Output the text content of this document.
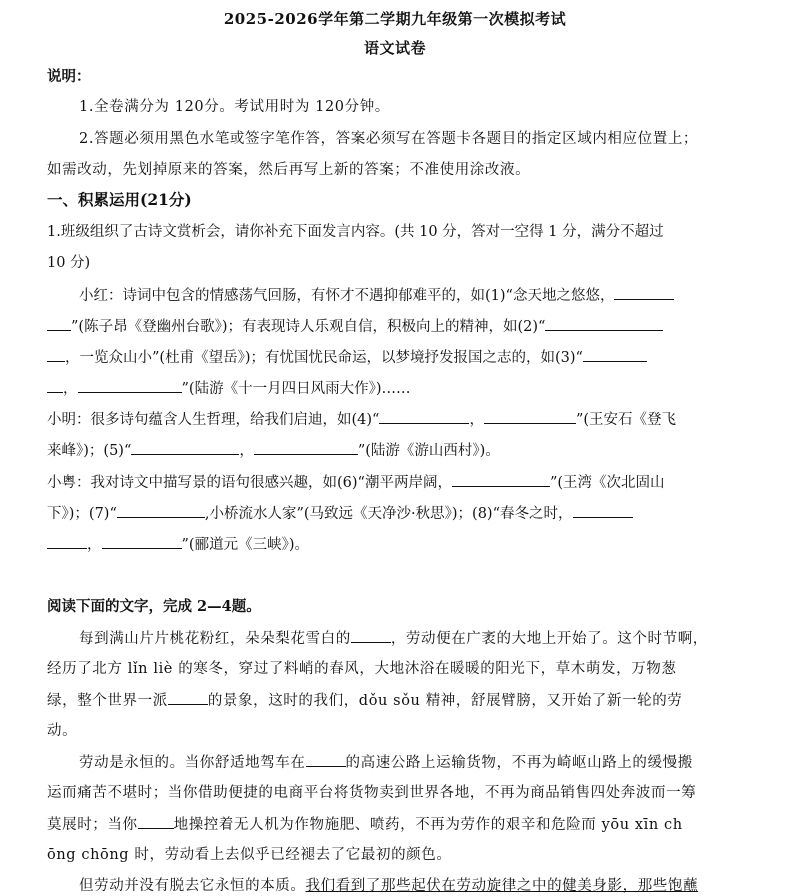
2025-2026学年第二学期九年级第一次模拟考试
语文试卷
说明：
1.全卷满分为 120分。考试用时为 120分钟。
2.答题必须用黑色水笔或签字笔作答，答案必须写在答题卡各题目的指定区域内相应位置上；
如需改动，先划掉原来的答案，然后再写上新的答案；不准使用涂改液。
一、积累运用(21分)
1.班级组织了古诗文赏析会，请你补充下面发言内容。(共 10 分，答对一空得 1 分，满分不超过
10 分)
小红：诗词中包含的情感荡气回肠，有怀才不遇抑郁难平的，如(1)“念天地之悠悠，
”(陈子昂《登幽州台歌》)；有表现诗人乐观自信，积极向上的精神，如(2)“
，一览众山小”(杜甫《望岳》)；有忧国忧民命运，以梦境抒发报国之志的，如(3)“
，	”(陆游《十一月四日风雨大作》)……
小明：很多诗句蕴含人生哲理，给我们启迪，如(4)“	，	”(王安石《登飞
来峰》)；(5)“	，	”(陆游《游山西村》)。
小粤：我对诗文中描写景的语句很感兴趣，如(6)“潮平两岸阔，	”(王湾《次北固山
下》)；(7)“	,小桥流水人家”(马致远《天净沙·秋思》)；(8)“春冬之时，
，	”(郦道元《三峡》)。
阅读下面的文字，完成 2—4题。
每到满山片片桃花粉红，朵朵梨花雪白的	，劳动便在广袤的大地上开始了。这个时节啊，
经历了北方 lǐn liè 的寒冬，穿过了料峭的春风，大地沐浴在暖暖的阳光下，草木萌发，万物葱
绿，整个世界一派	的景象，这时的我们，dǒu sǒu 精神，舒展臂膀，又开始了新一轮的劳
动。
劳动是永恒的。当你舒适地驾车在	的高速公路上运输货物，不再为崎岖山路上的缓慢搬
运而痛苦不堪时；当你借助便捷的电商平台将货物卖到世界各地，不再为商品销售四处奔波而一筹
莫展时；当你 地操控着无人机为作物施肥、喷药，不再为劳作的艰辛和危险而 yōu xīn ch
ōng chōng 时，劳动看上去似乎已经褪去了它最初的颜色。
但劳动并没有脱去它永恒的本质。我们看到了那些起伏在劳动旋律之中的健美身影，那些饱蘸
